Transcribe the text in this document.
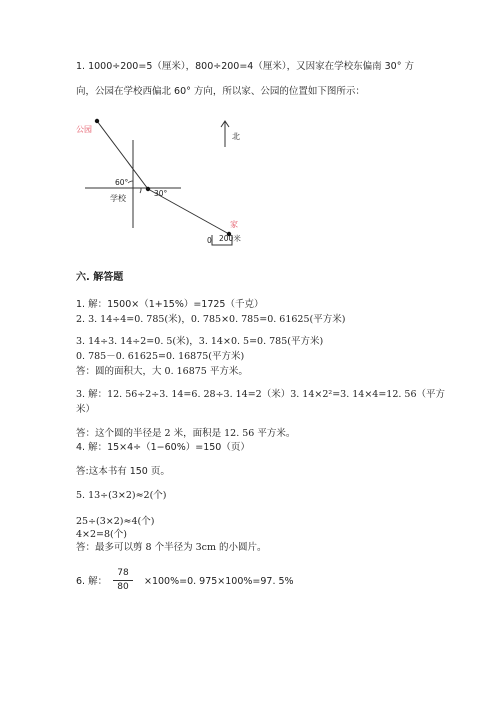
1. 1000÷200=5（厘米），800÷200=4（厘米），又因家在学校东偏南 30° 方
向，公园在学校西偏北 60° 方向，所以家、公园的位置如下图所示：
公园
60°
30°
学校
家
北
0 200米
六. 解答题
1. 解：1500×（1+15%）=1725（千克）
2. 3. 14÷4=0. 785(米)，0. 785×0. 785=0. 61625(平方米)
3. 14÷3. 14÷2=0. 5(米)，3. 14×0. 5=0. 785(平方米)
0. 785－0. 61625=0. 16875(平方米)
答：圆的面积大，大 0. 16875 平方米。
3. 解：12. 56÷2÷3. 14=6. 28÷3. 14=2（米）3. 14×2²=3. 14×4=12. 56（平方
米）
答：这个圆的半径是 2 米，面积是 12. 56 平方米。
4. 解：15×4÷（1−60%）=150（页）
答:这本书有 150 页。
5. 13÷(3×2)≈2(个)
25÷(3×2)≈4(个)
4×2=8(个)
答：最多可以剪 8 个半径为 3cm 的小圆片。
6. 解：
78
80	×100%=0. 975×100%=97. 5%
